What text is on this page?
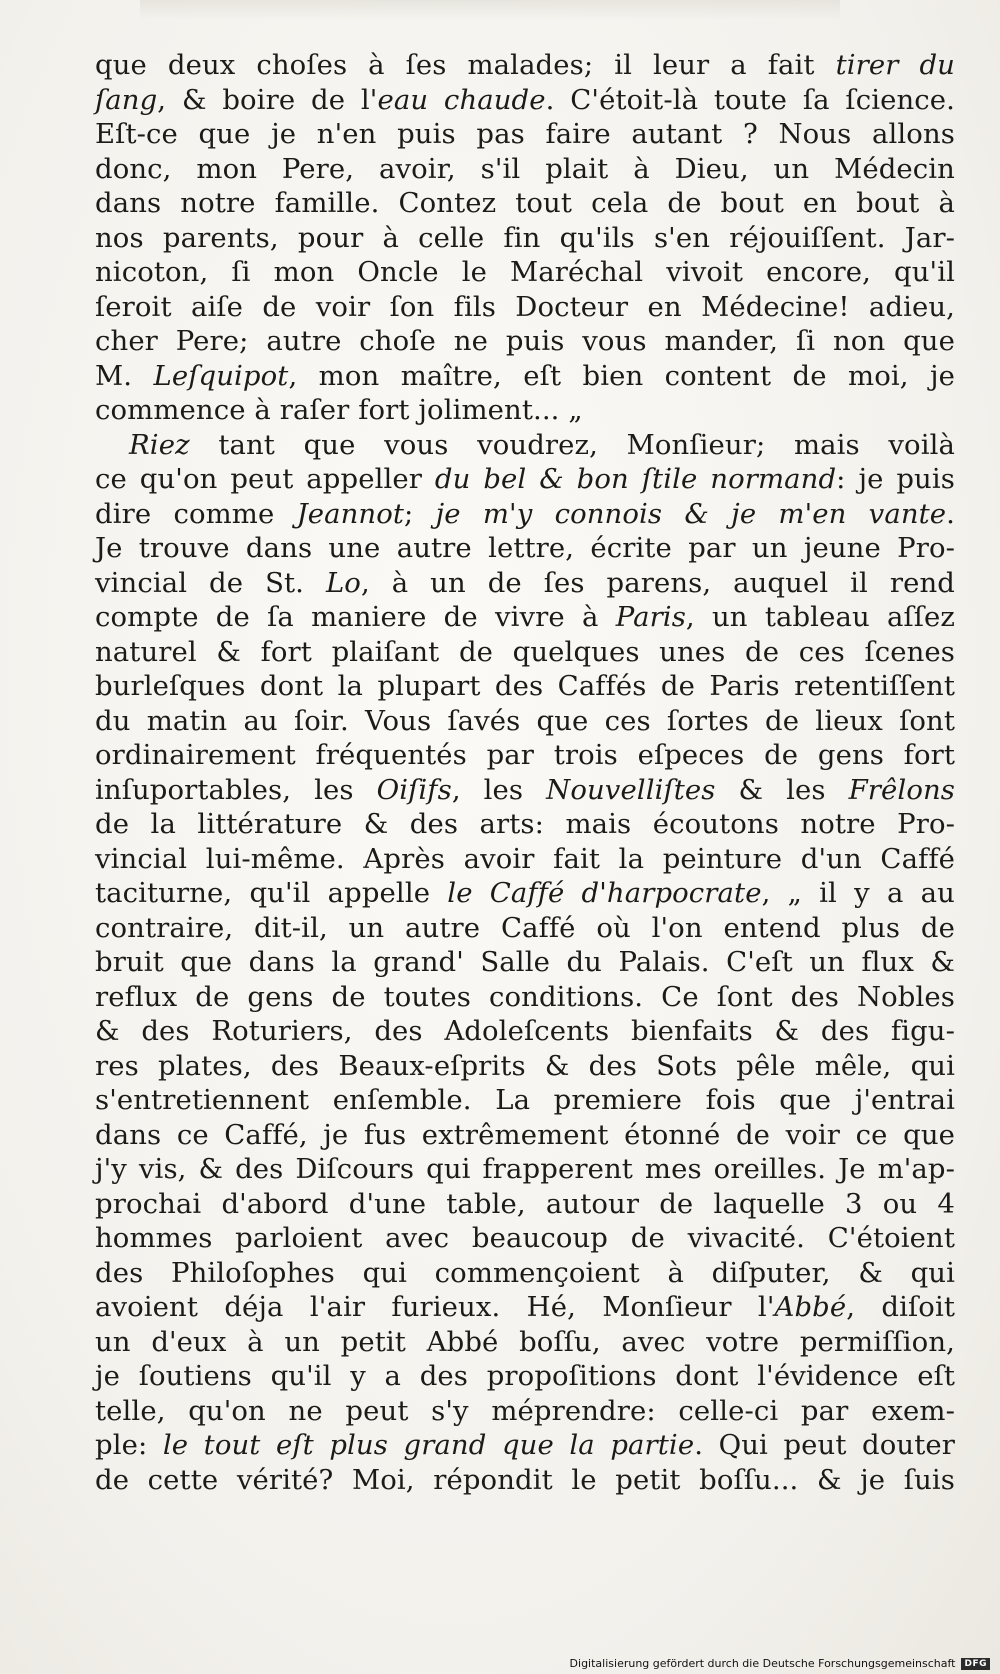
que deux choſes à ſes malades; il leur a fait tirer du
ſang, & boire de l'eau chaude. C'étoit-là toute ſa ſcience.
Eſt-ce que je n'en puis pas faire autant ? Nous allons
donc, mon Pere, avoir, s'il plait à Dieu, un Médecin
dans notre famille. Contez tout cela de bout en bout à
nos parents, pour à celle fin qu'ils s'en réjouiſſent. Jar-
nicoton, ſi mon Oncle le Maréchal vivoit encore, qu'il
ſeroit aiſe de voir ſon fils Docteur en Médecine! adieu,
cher Pere; autre choſe ne puis vous mander, ſi non que
M. Leſquipot, mon maître, eſt bien content de moi, je
commence à raſer fort joliment... „
Riez tant que vous voudrez, Monſieur; mais voilà
ce qu'on peut appeller du bel & bon ſtile normand: je puis
dire comme Jeannot; je m'y connois & je m'en vante.
Je trouve dans une autre lettre, écrite par un jeune Pro-
vincial de St. Lo, à un de ſes parens, auquel il rend
compte de ſa maniere de vivre à Paris, un tableau aſſez
naturel & fort plaiſant de quelques unes de ces ſcenes
burleſques dont la plupart des Caffés de Paris retentiſſent
du matin au ſoir. Vous ſavés que ces ſortes de lieux ſont
ordinairement fréquentés par trois eſpeces de gens fort
inſuportables, les Oiſifs, les Nouvelliſtes & les Frêlons
de la littérature & des arts: mais écoutons notre Pro-
vincial lui-même. Après avoir fait la peinture d'un Caffé
taciturne, qu'il appelle le Caffé d'harpocrate, „ il y a au
contraire, dit-il, un autre Caffé où l'on entend plus de
bruit que dans la grand' Salle du Palais. C'eſt un flux &
reflux de gens de toutes conditions. Ce ſont des Nobles
& des Roturiers, des Adoleſcents bienfaits & des figu-
res plates, des Beaux-eſprits & des Sots pêle mêle, qui
s'entretiennent enſemble. La premiere fois que j'entrai
dans ce Caffé, je fus extrêmement étonné de voir ce que
j'y vis, & des Diſcours qui frapperent mes oreilles. Je m'ap-
prochai d'abord d'une table, autour de laquelle 3 ou 4
hommes parloient avec beaucoup de vivacité. C'étoient
des Philoſophes qui commençoient à diſputer, & qui
avoient déja l'air furieux. Hé, Monſieur l'Abbé, diſoit
un d'eux à un petit Abbé boſſu, avec votre permiſſion,
je ſoutiens qu'il y a des propoſitions dont l'évidence eſt
telle, qu'on ne peut s'y méprendre: celle-ci par exem-
ple: le tout eſt plus grand que la partie. Qui peut douter
de cette vérité? Moi, répondit le petit boſſu... & je ſuis
Digitalisierung gefördert durch die Deutsche Forschungsgemeinschaft	DFG
